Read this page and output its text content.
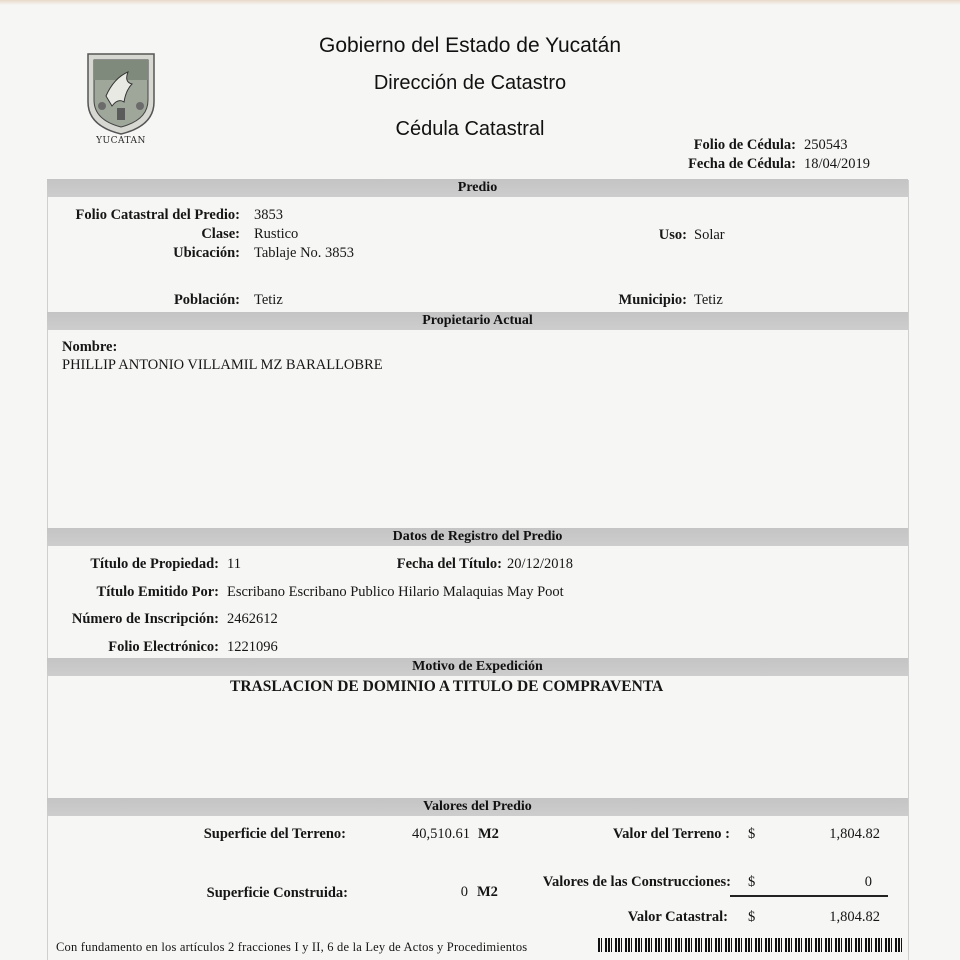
YUCATAN
Gobierno del Estado de Yucatán
Dirección de Catastro
Cédula Catastral
Folio de Cédula: 250543
Fecha de Cédula: 18/04/2019
Predio
Folio Catastral del Predio: 3853
Clase: Rustico	Uso: Solar
Ubicación: Tablaje No. 3853
Población: Tetiz	Municipio: Tetiz
Propietario Actual
Nombre:
PHILLIP ANTONIO VILLAMIL MZ BARALLOBRE
Datos de Registro del Predio
Título de Propiedad: 11	Fecha del Título: 20/12/2018
Título Emitido Por: Escribano Escribano Publico Hilario Malaquias May Poot
Número de Inscripción: 2462612
Folio Electrónico: 1221096
Motivo de Expedición
TRASLACION DE DOMINIO A TITULO DE COMPRAVENTA
Valores del Predio
Superficie del Terreno:	40,510.61 M2	Valor del Terreno : $	1,804.82
Superficie Construida:	0 M2
Valores de las Construcciones: $	0
Valor Catastral: $	1,804.82
Con fundamento en los artículos 2 fracciones I y II, 6 de la Ley de Actos y Procedimientos
